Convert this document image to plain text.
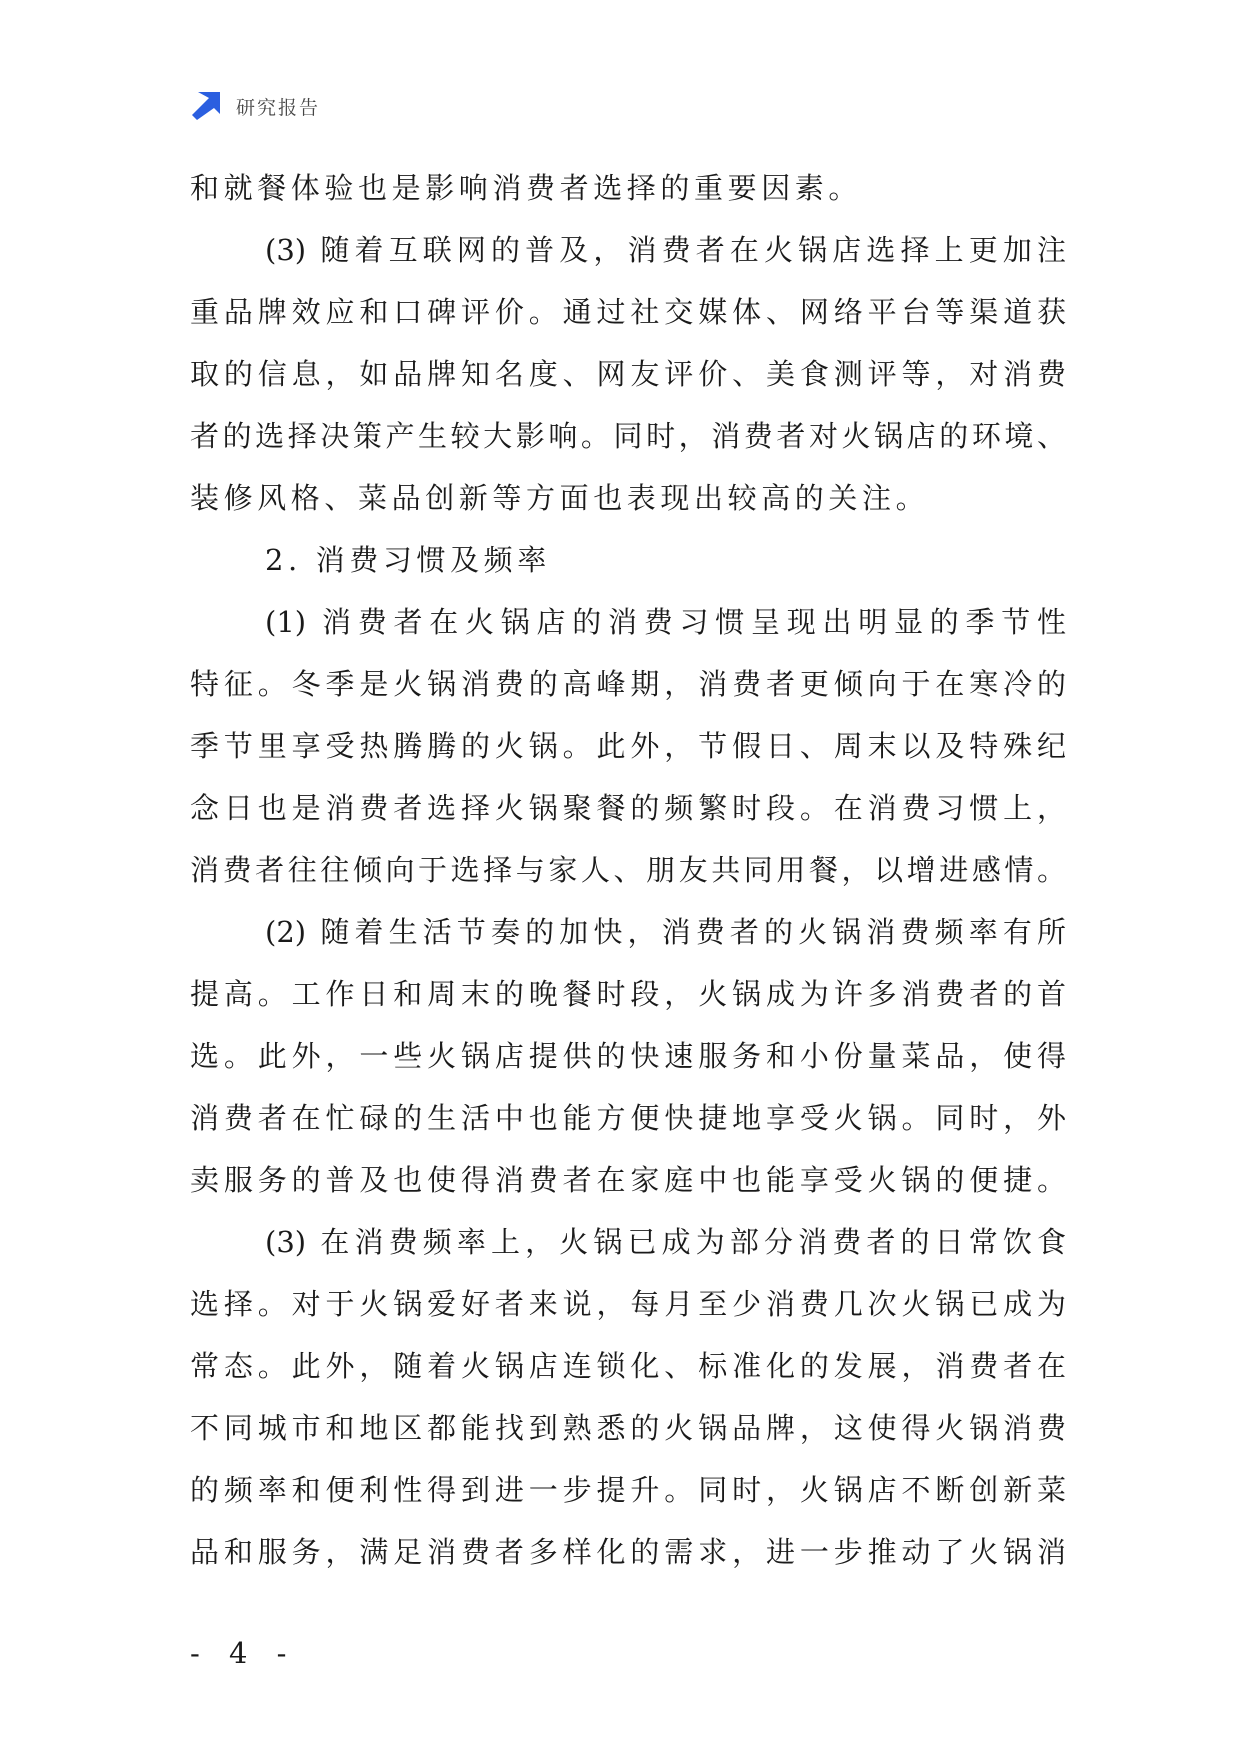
研究报告
和就餐体验也是影响消费者选择的重要因素。
(3) 随着互联网的普及，消费者在火锅店选择上更加注
重品牌效应和口碑评价。通过社交媒体、网络平台等渠道获
取的信息，如品牌知名度、网友评价、美食测评等，对消费
者的选择决策产生较大影响。同时，消费者对火锅店的环境、
装修风格、菜品创新等方面也表现出较高的关注。
2. 消费习惯及频率
(1) 消费者在火锅店的消费习惯呈现出明显的季节性
特征。冬季是火锅消费的高峰期，消费者更倾向于在寒冷的
季节里享受热腾腾的火锅。此外，节假日、周末以及特殊纪
念日也是消费者选择火锅聚餐的频繁时段。在消费习惯上，
消费者往往倾向于选择与家人、朋友共同用餐，以增进感情。
(2) 随着生活节奏的加快，消费者的火锅消费频率有所
提高。工作日和周末的晚餐时段，火锅成为许多消费者的首
选。此外，一些火锅店提供的快速服务和小份量菜品，使得
消费者在忙碌的生活中也能方便快捷地享受火锅。同时，外
卖服务的普及也使得消费者在家庭中也能享受火锅的便捷。
(3) 在消费频率上，火锅已成为部分消费者的日常饮食
选择。对于火锅爱好者来说，每月至少消费几次火锅已成为
常态。此外，随着火锅店连锁化、标准化的发展，消费者在
不同城市和地区都能找到熟悉的火锅品牌，这使得火锅消费
的频率和便利性得到进一步提升。同时，火锅店不断创新菜
品和服务，满足消费者多样化的需求，进一步推动了火锅消
- 4 -
